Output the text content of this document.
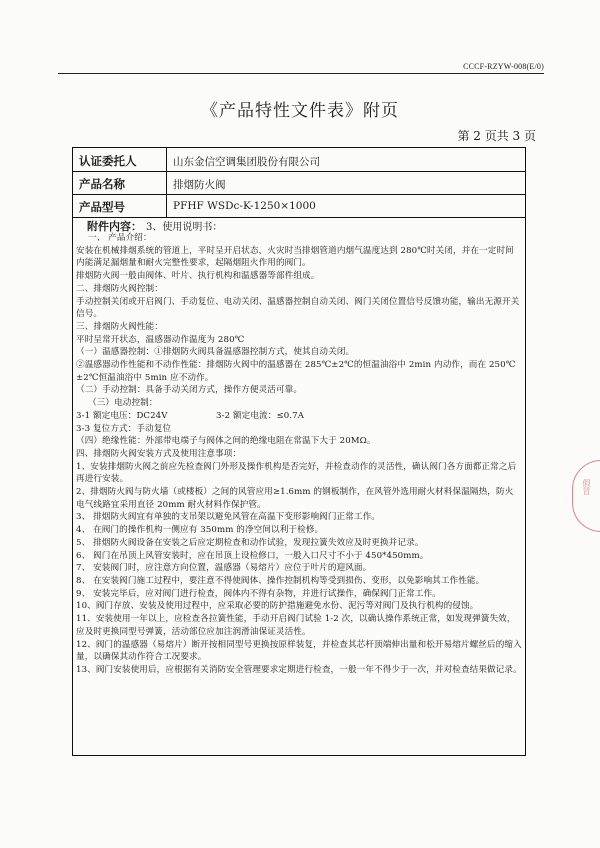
CCCF-RZYW-008(E/0)
《产品特性文件表》附页
第 2 页共 3 页
认证委托人	山东金信空调集团股份有限公司
产品名称	排烟防火阀
产品型号	PFHF WSDc-K-1250×1000
附件内容： 3、使用说明书：

一、 产品介绍：

安装在机械排烟系统的管道上，平时呈开启状态，火灾时当排烟管道内烟气温度达到 280℃时关闭，并在一定时间内能满足漏烟量和耐火完整性要求，起隔烟阻火作用的阀门。

排烟防火阀一般由阀体、叶片、执行机构和温感器等部件组成。

二、排烟防火阀控制：

手动控制关闭或开启阀门、手动复位、电动关闭、温感器控制自动关闭、阀门关闭位置信号反馈功能，输出无源开关信号。

三、排烟防火阀性能：

平时呈常开状态，温感器动作温度为 280℃

（一）温感器控制：①排烟防火阀具备温感器控制方式，使其自动关闭。

②温感器动作性能和不动作性能：排烟防火阀中的温感器在 285℃±2℃的恒温油浴中 2min 内动作，而在 250℃±2℃恒温油浴中 5min 应不动作。

（二）手动控制：具备手动关闭方式，操作方便灵活可靠。

（三）电动控制：

3-1 额定电压：DC24V	3-2 额定电流：≤0.7A

3-3 复位方式：手动复位

（四）绝缘性能：外部带电端子与阀体之间的绝缘电阻在常温下大于 20MΩ。

四、排烟防火阀安装方式及使用注意事项：

1、安装排烟防火阀之前应先检查阀门外形及操作机构是否完好，并检查动作的灵活性，确认阀门各方面都正常之后再进行安装。

2、排烟防火阀与防火墙（或楼板）之间的风管应用≥1.6mm 的钢板制作，在风管外选用耐火材料保温隔热，防火电气线路宜采用直径 20mm 耐火材料作保护管。

3、 排烟防火阀宜有单独的支吊架以避免风管在高温下变形影响阀门正常工作。

4、 在阀门的操作机构一侧应有 350mm 的净空间以利于检修。

5、 排烟防火阀设备在安装之后应定期检查和动作试验，发现拉簧失效应及时更换并记录。

6、 阀门在吊顶上风管安装时，应在吊顶上设检修口，一般入口尺寸不小于 450*450mm。

7、 安装阀门时，应注意方向位置，温感器（易熔片）应位于叶片的迎风面。

8、 在安装阀门施工过程中，要注意不得使阀体、操作控制机构等受到损伤、变形，以免影响其工作性能。

9、 安装完毕后，应对阀门进行检查，阀体内不得有杂物，并进行试操作，确保阀门正常工作。

10、阀门存放、安装及使用过程中，应采取必要的防护措施避免水份、泥污等对阀门及执行机构的侵蚀。

11、安装使用一年以上，应检查各拉簧性能，手动开启阀门试验 1-2 次，以确认操作系统正常，如发现弹簧失效，应及时更换同型号弹簧，活动部位应加注润滑油保证灵活性。

12、阀门的温感器（易熔片）断开按相同型号更换按原样装复，并检查其芯杆顶端伸出量和松开易熔片螺丝后的缩入量，以确保其动作符合工况要求。

13、阀门安装使用后，应根据有关消防安全管理要求定期进行检查，一般一年不得少于一次，并对检查结果做记录。

假冒
